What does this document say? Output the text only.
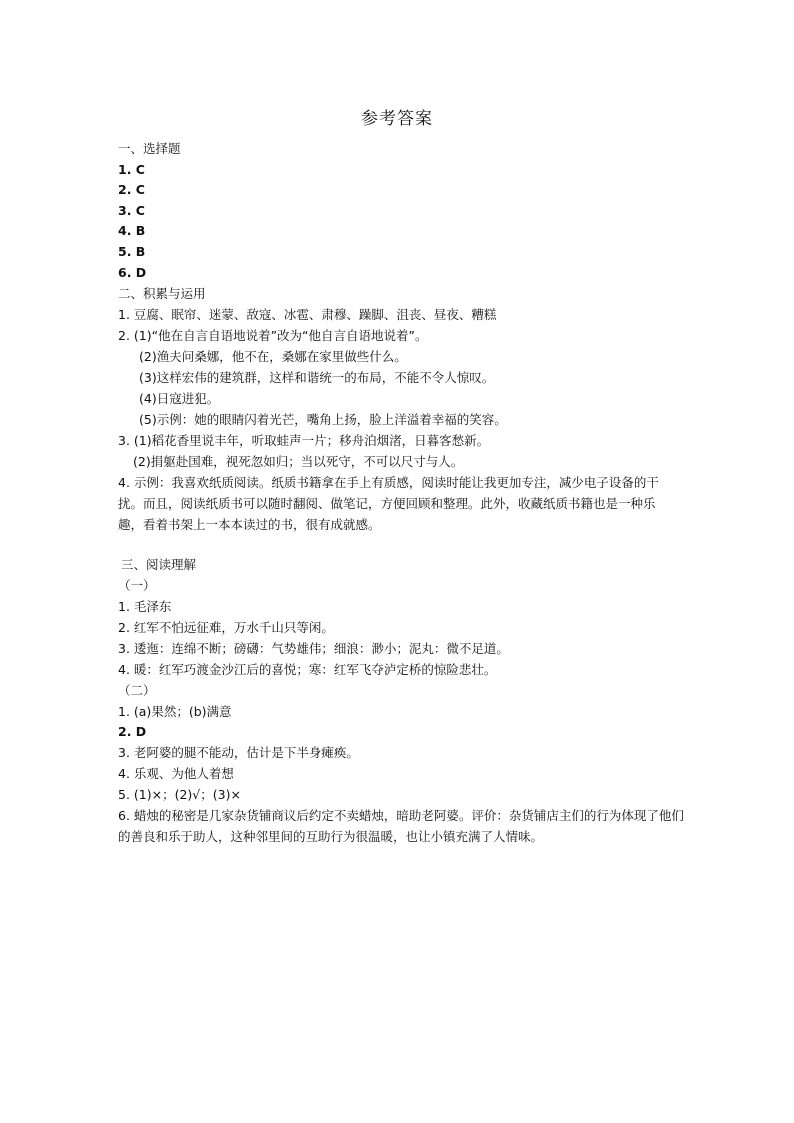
参考答案
一、选择题
1. C
2. C
3. C
4. B
5. B
6. D
二、积累与运用
1. 豆腐、眠帘、迷蒙、敌寇、冰雹、肃穆、躁脚、沮丧、昼夜、糟糕
2. (1)“他在自言自语地说着”改为“他自言自语地说着”。
(2)渔夫问桑娜，他不在，桑娜在家里做些什么。
(3)这样宏伟的建筑群，这样和谐统一的布局，不能不令人惊叹。
(4)日寇进犯。
(5)示例：她的眼睛闪着光芒，嘴角上扬，脸上洋溢着幸福的笑容。
3. (1)稻花香里说丰年，听取蛙声一片；移舟泊烟渚，日暮客愁新。
(2)捐躯赴国难，视死忽如归；当以死守，不可以尺寸与人。
4. 示例：我喜欢纸质阅读。纸质书籍拿在手上有质感，阅读时能让我更加专注，减少电子设备的干扰。而且，阅读纸质书可以随时翻阅、做笔记，方便回顾和整理。此外，收藏纸质书籍也是一种乐趣，看着书架上一本本读过的书，很有成就感。
三、阅读理解
（一）
1. 毛泽东
2. 红军不怕远征难，万水千山只等闲。
3. 逶迤：连绵不断；磅礴：气势雄伟；细浪：渺小；泥丸：微不足道。
4. 暖：红军巧渡金沙江后的喜悦；寒：红军飞夺泸定桥的惊险悲壮。
（二）
1. (a)果然；(b)满意
2. D
3. 老阿婆的腿不能动，估计是下半身瘫痪。
4. 乐观、为他人着想
5. (1)×；(2)√；(3)×
6. 蜡烛的秘密是几家杂货铺商议后约定不卖蜡烛，暗助老阿婆。评价：杂货铺店主们的行为体现了他们的善良和乐于助人，这种邻里间的互助行为很温暖，也让小镇充满了人情味。
